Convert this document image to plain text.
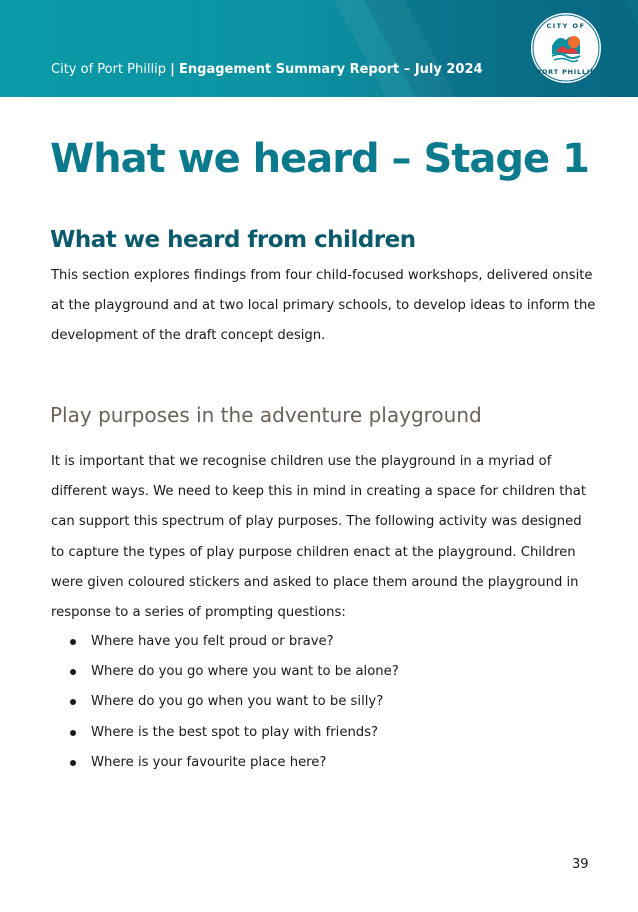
City of Port Phillip | Engagement Summary Report – July 2024
CITY OF
PORT PHILLIP
What we heard – Stage 1
What we heard from children

This section explores findings from four child-focused workshops, delivered onsite at the playground and at two local primary schools, to develop ideas to inform the development of the draft concept design.

Play purposes in the adventure playground

It is important that we recognise children use the playground in a myriad of different ways. We need to keep this in mind in creating a space for children that can support this spectrum of play purposes. The following activity was designed to capture the types of play purpose children enact at the playground. Children were given coloured stickers and asked to place them around the playground in response to a series of prompting questions:

Where have you felt proud or brave?
Where do you go where you want to be alone?
Where do you go when you want to be silly?
Where is the best spot to play with friends?
Where is your favourite place here?
39
